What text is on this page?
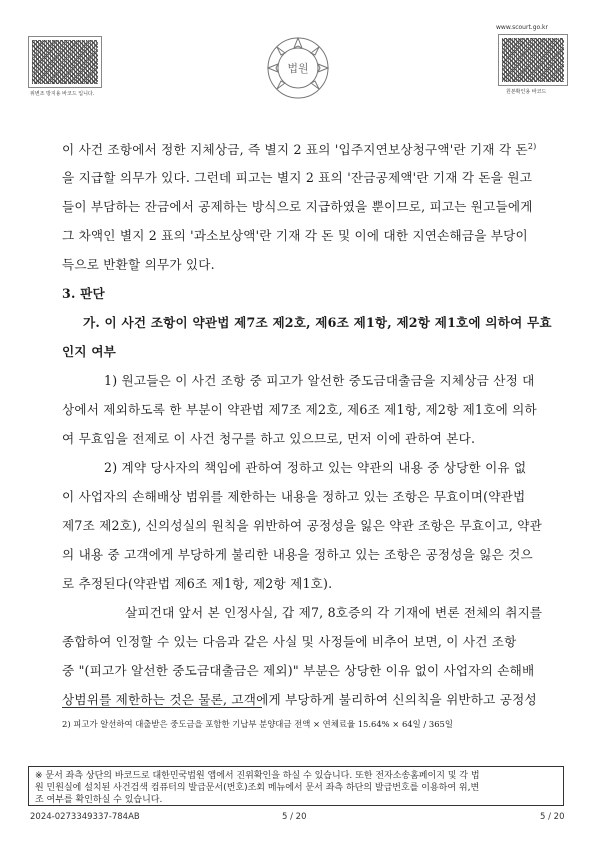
위변조 방지용 바코드 입니다.
법원
www.scourt.go.kr
원본확인용 바코드
이 사건 조항에서 정한 지체상금, 즉 별지 2 표의 '입주지연보상청구액'란 기재 각 돈$^{2)}$
을 지급할 의무가 있다. 그런데 피고는 별지 2 표의 '잔금공제액'란 기재 각 돈을 원고
들이 부담하는 잔금에서 공제하는 방식으로 지급하였을 뿐이므로, 피고는 원고들에게
그 차액인 별지 2 표의 '과소보상액'란 기재 각 돈 및 이에 대한 지연손해금을 부당이
득으로 반환할 의무가 있다.
3. 판단
가. 이 사건 조항이 약관법 제7조 제2호, 제6조 제1항, 제2항 제1호에 의하여 무효
인지 여부
1) 원고들은 이 사건 조항 중 피고가 알선한 중도금대출금을 지체상금 산정 대
상에서 제외하도록 한 부분이 약관법 제7조 제2호, 제6조 제1항, 제2항 제1호에 의하
여 무효임을 전제로 이 사건 청구를 하고 있으므로, 먼저 이에 관하여 본다.
2) 계약 당사자의 책임에 관하여 정하고 있는 약관의 내용 중 상당한 이유 없
이 사업자의 손해배상 범위를 제한하는 내용을 정하고 있는 조항은 무효이며(약관법
제7조 제2호), 신의성실의 원칙을 위반하여 공정성을 잃은 약관 조항은 무효이고, 약관
의 내용 중 고객에게 부당하게 불리한 내용을 정하고 있는 조항은 공정성을 잃은 것으
로 추정된다(약관법 제6조 제1항, 제2항 제1호).
살피건대 앞서 본 인정사실, 갑 제7, 8호증의 각 기재에 변론 전체의 취지를
종합하여 인정할 수 있는 다음과 같은 사실 및 사정들에 비추어 보면, 이 사건 조항
중 "(피고가 알선한 중도금대출금은 제외)" 부분은 상당한 이유 없이 사업자의 손해배
상범위를 제한하는 것은 물론, 고객에게 부당하게 불리하여 신의칙을 위반하고 공정성
2) 피고가 알선하여 대출받은 중도금을 포함한 기납부 분양대금 전액 × 연체료율 15.64% × 64일 / 365일
※ 문서 좌측 상단의 바코드로 대한민국법원 앱에서 진위확인을 하실 수 있습니다. 또한 전자소송홈페이지 및 각 법
원 민원실에 설치된 사건검색 컴퓨터의 발급문서(번호)조회 메뉴에서 문서 좌측 하단의 발급번호를 이용하여 위,변
조 여부를 확인하실 수 있습니다.
2024-0273349337-784AB	5 / 20	5 / 20
